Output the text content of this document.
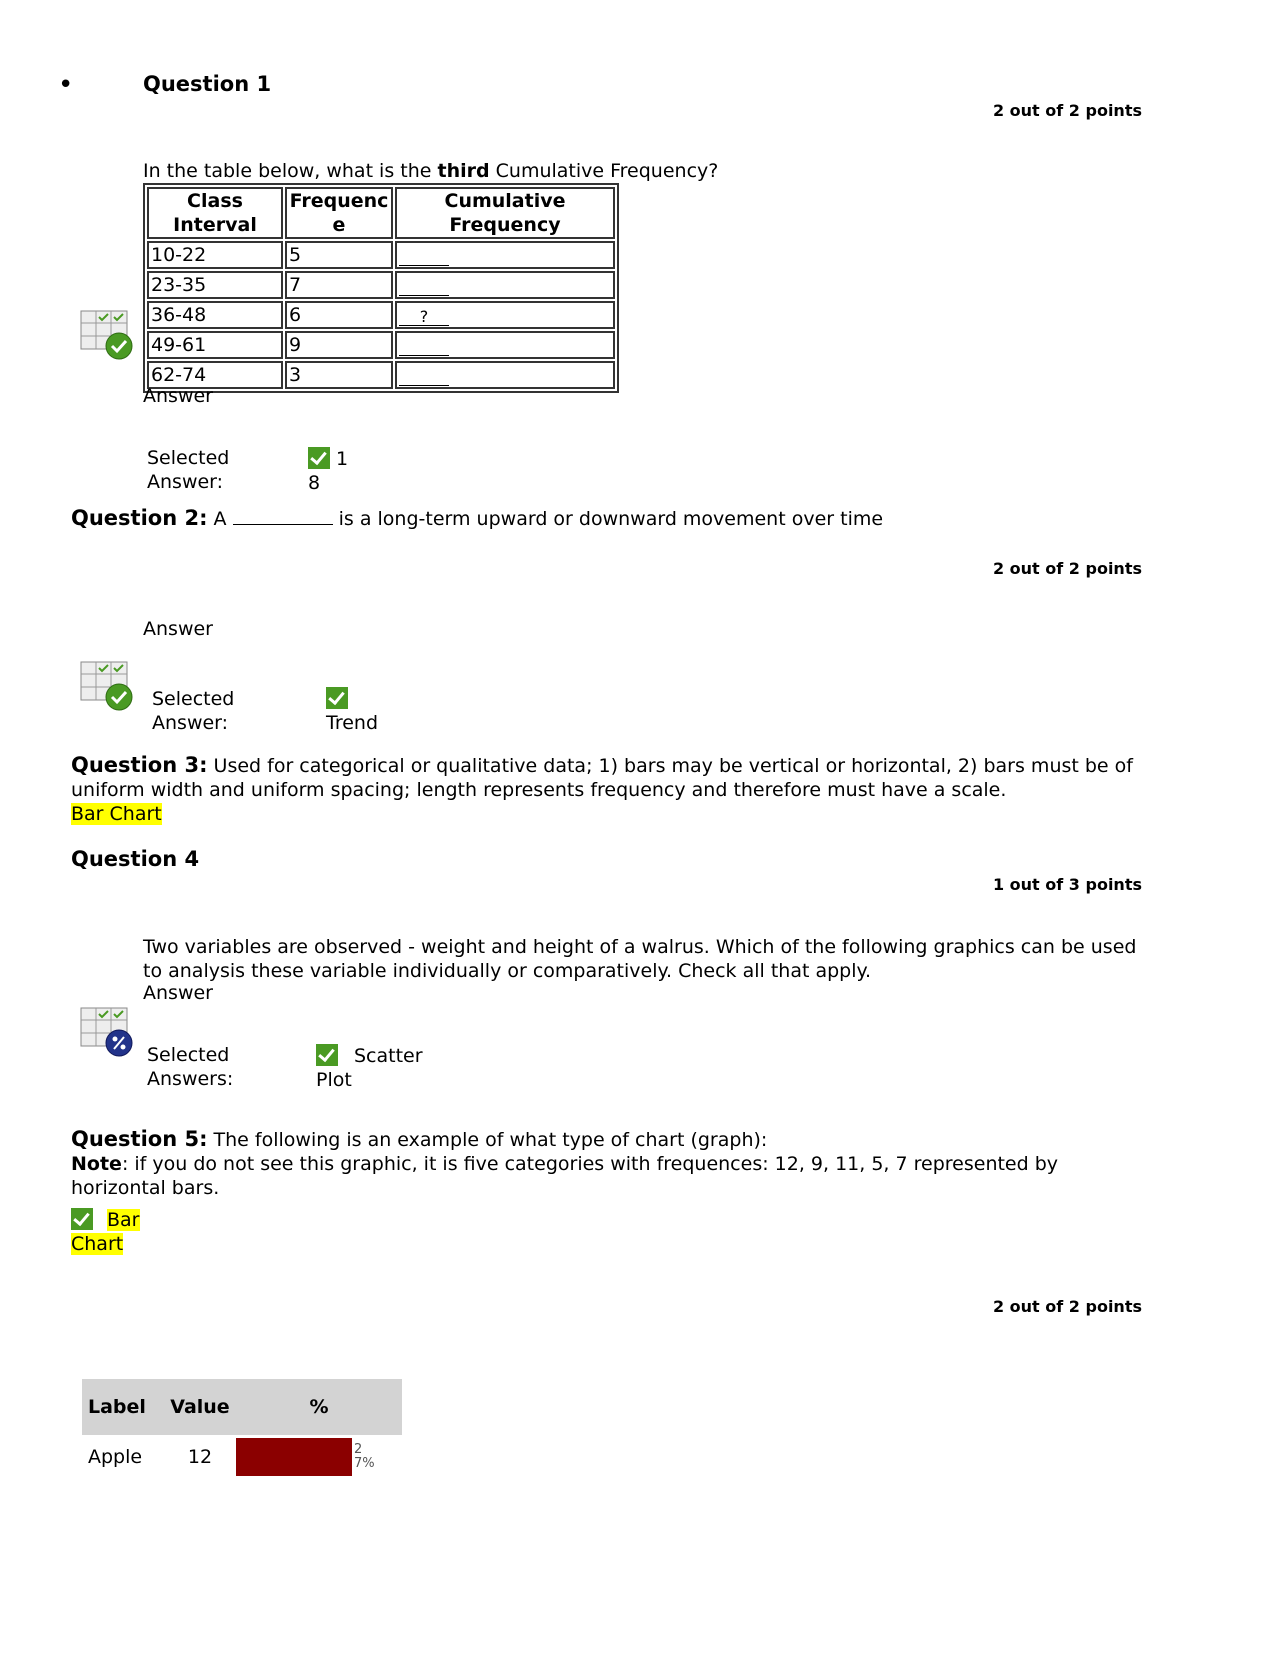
•	Question 1
2 out of 2 points
In the table below, what is the third Cumulative Frequency?
Class Interval	Frequence	Cumulative Frequency
10-22	5	
23-35	7	
36-48	6	?
49-61	9	
62-74	3	
Answer
Selected Answer:
1
8
Question 2: A	is a long-term upward or downward movement over time
2 out of 2 points
Answer
Selected Answer:	Trend
Question 3: Used for categorical or qualitative data; 1) bars may be vertical or horizontal, 2) bars must be of uniform width and uniform spacing; length represents frequency and therefore must have a scale.
Bar Chart
Question 4
1 out of 3 points
Two variables are observed - weight and height of a walrus. Which of the following graphics can be used to analysis these variable individually or comparatively. Check all that apply.
Answer
Selected Answers:
Scatter Plot
Question 5: The following is an example of what type of chart (graph):
Note: if you do not see this graphic, it is five categories with frequences: 12, 9, 11, 5, 7 represented by horizontal bars.
Bar
Chart
2 out of 2 points
Label	Value	%
Apple	12	27%
